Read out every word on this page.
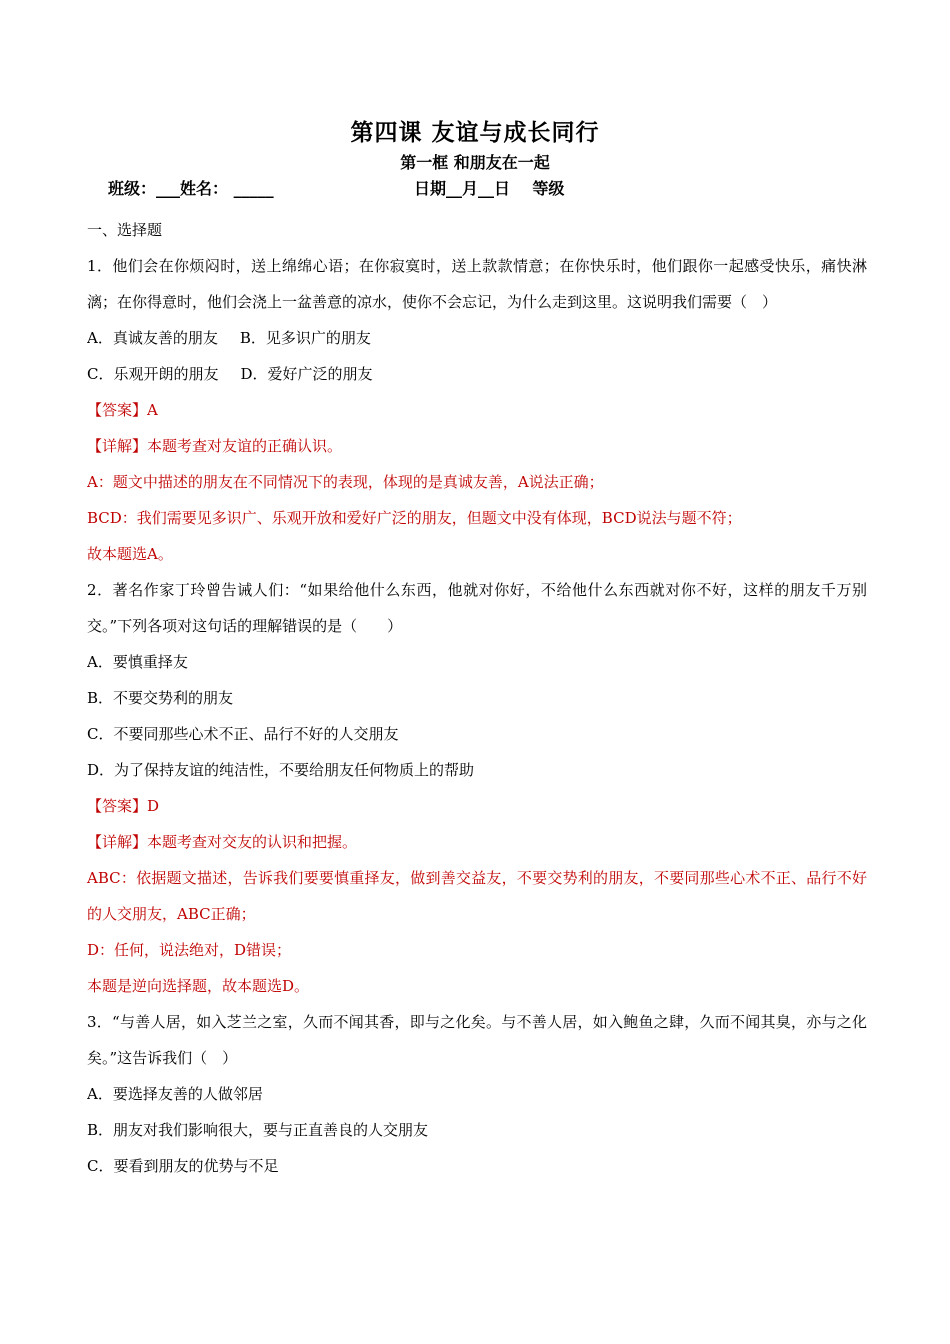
第四课 友谊与成长同行
第一框 和朋友在一起
班级：___姓名： _____	日期__月__日 等级
一、选择题
1．他们会在你烦闷时，送上绵绵心语；在你寂寞时，送上款款情意；在你快乐时，他们跟你一起感受快乐，痛快淋漓；在你得意时，他们会浇上一盆善意的凉水，使你不会忘记，为什么走到这里。这说明我们需要（　）
A．真诚友善的朋友 B．见多识广的朋友
C．乐观开朗的朋友 D．爱好广泛的朋友
【答案】A
【详解】本题考查对友谊的正确认识。
A：题文中描述的朋友在不同情况下的表现，体现的是真诚友善，A说法正确；
BCD：我们需要见多识广、乐观开放和爱好广泛的朋友，但题文中没有体现，BCD说法与题不符；
故本题选A。
2．著名作家丁玲曾告诫人们：“如果给他什么东西，他就对你好，不给他什么东西就对你不好，这样的朋友千万别交。”下列各项对这句话的理解错误的是（　　）
A．要慎重择友
B．不要交势利的朋友
C．不要同那些心术不正、品行不好的人交朋友
D．为了保持友谊的纯洁性，不要给朋友任何物质上的帮助
【答案】D
【详解】本题考查对交友的认识和把握。
ABC：依据题文描述，告诉我们要要慎重择友，做到善交益友，不要交势利的朋友，不要同那些心术不正、品行不好的人交朋友，ABC正确；
D：任何，说法绝对，D错误；
本题是逆向选择题，故本题选D。
3．“与善人居，如入芝兰之室，久而不闻其香，即与之化矣。与不善人居，如入鲍鱼之肆，久而不闻其臭，亦与之化矣。”这告诉我们（　）
A．要选择友善的人做邻居
B．朋友对我们影响很大，要与正直善良的人交朋友
C．要看到朋友的优势与不足
